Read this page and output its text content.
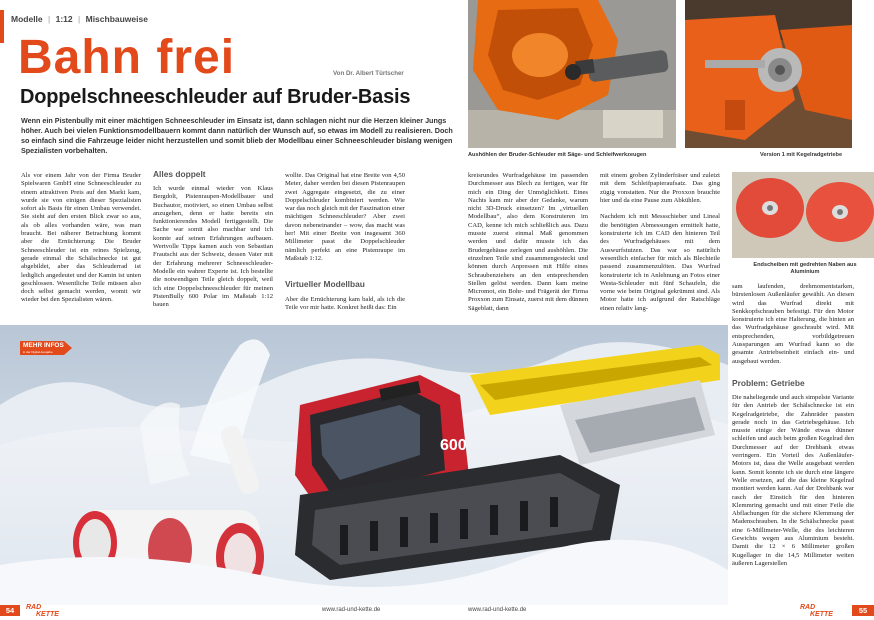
Modelle | 1:12 | Mischbauweise
Bahn frei	Von Dr. Albert Türtscher
Doppelschneeschleuder auf Bruder-Basis
Wenn ein Pistenbully mit einer mächtigen Schneeschleuder im Einsatz ist, dann schlagen nicht nur die Herzen kleiner Jungs höher. Auch bei vielen Funktionsmodellbauern kommt dann natürlich der Wunsch auf, so etwas im Modell zu realisieren. Doch so einfach sind die Fahrzeuge leider nicht herzustellen und somit blieb der Modellbau einer Schneeschleuder bislang wenigen Spezialisten vorbehalten.
Als vor einem Jahr von der Firma Bruder Spielwaren GmbH eine Schneeschleuder zu einem attraktiven Preis auf den Markt kam, wurde sie von einigen dieser Spezialisten sofort als Basis für einen Umbau verwendet. Sie sieht auf den ersten Blick zwar so aus, als ob alles vorhanden wäre, was man braucht. Bei näherer Betrachtung kommt aber die Ernüchterung: Die Bruder Schneeschleuder ist ein reines Spielzeug, gerade einmal die Schälschnecke ist gut abgebildet, aber das Schleuderrad ist lediglich angedeutet und der Kamin ist unten geschlossen. Wesentliche Teile müssen also doch selbst gemacht werden, womit wir wieder bei den Spezialisten wären.
Alles doppelt
Ich wurde einmal wieder von Klaus Bergdolt, Pistenraupen-Modellbauer und Buchautor, motiviert, so einen Umbau selbst anzugehen, denn er hatte bereits ein funktionierendes Modell fertiggestellt. Die Sache war somit also machbar und ich konnte auf seinen Erfahrungen aufbauen. Wertvolle Tipps kamen auch von Sebastian Frautschi aus der Schweiz, dessen Vater mit der Erfahrung mehrerer Schneeschleuder-Modelle ein wahrer Experte ist. Ich bestellte die notwendigen Teile gleich doppelt, weil ich eine Doppelschneeschleuder für meinen PistenBully 600 Polar im Maßstab 1:12 bauen
wollte. Das Original hat eine Breite von 4,50 Meter, daher werden bei diesen Pistenraupen zwei Aggregate eingesetzt, die zu einer Doppelschleuder kombiniert werden. Wie war das noch gleich mit der Faszination einer mächtigen Schneeschleuder? Aber zwei davon nebeneinander – wow, das macht was her! Mit einer Breite von insgesamt 360 Millimeter passt die Doppelschleuder nämlich perfekt an eine Pistenraupe im Maßstab 1:12.
Virtueller Modellbau
Aber die Ernüchterung kam bald, als ich die Teile vor mir hatte. Konkret heißt das: Ein
Aushöhlen der Bruder-Schleuder mit Säge- und Schleifwerkzeugen	Version 1 mit Kegelradgetriebe
kreisrundes Wurfradgehäuse im passenden Durchmesser aus Blech zu fertigen, war für mich ein Ding der Unmöglichkeit. Eines Nachts kam mir aber der Gedanke, warum nicht 3D-Druck einsetzen? Im „virtuellen Modellbau“, also dem Konstruieren im CAD, kenne ich mich schließlich aus. Dazu musste zuerst einmal Maß genommen werden und dafür musste ich das Brudergehäuse zerlegen und aushöhlen. Die einzelnen Teile sind zusammengesteckt und können durch Anpressen mit Hilfe eines Schraubenziehers an den entsprechenden Stellen gelöst werden. Dann kam meine Micromot, ein Bohr- und Frägerät der Firma Proxxon zum Einsatz, zuerst mit dem dünnen Sägeblatt, dann
mit einem groben Zylinderfräser und zuletzt mit dem Schleifpapieraufsatz. Das ging zügig vonstatten. Nur die Proxxon brauchte hier und da eine Pause zum Abkühlen.

Nachdem ich mit Messschieber und Lineal die benötigten Abmessungen ermittelt hatte, konstruierte ich im CAD den hinteren Teil des Wurfradgehäuses mit dem Auswurfstutzen. Das war so natürlich wesentlich einfacher für mich als Blechteile passend zusammenzulöten. Das Wurfrad konstruierte ich in Anlehnung an Fotos einer Westa-Schleuder mit fünf Schaufeln, die vorne wie beim Original gekrümmt sind. Als Motor hatte ich aufgrund der Ratschläge einen relativ lang-
Endscheiben mit gedrehten Naben aus Aluminium
sam laufenden, drehmomentstarken, bürstenlosen Außenläufer gewählt. An diesen wird das Wurfrad direkt mit Senkkopfschrauben befestigt. Für den Motor konstruierte ich eine Halterung, die hinten an das Wurfradgehäuse geschraubt wird. Mit entsprechenden, vorbildgetreuen Aussparungen am Wurfrad kann so die gesamte Antriebseinheit einfach ein- und ausgebaut werden.
Problem: Getriebe
Die naheliegende und auch simpelste Variante für den Antrieb der Schälschnecke ist ein Kegelradgetriebe, die Zahnräder passten gerade noch in das Getriebegehäuse. Ich musste einige der Wände etwas dünner schleifen und auch beim großen Kegelrad den Durchmesser auf der Drehbank etwas verringern. Ein Vorteil des Außenläufer-Motors ist, dass die Welle ausgebaut werden kann. Somit konnte ich sie durch eine längere Welle ersetzen, auf die das kleine Kegelrad montiert werden kann. Auf der Drehbank war rasch der Einstich für den hinteren Klemmring gemacht und mit einer Feile die Abflachungen für die sichere Klemmung der Madenschrauben. In die Schälschnecke passt eine 6-Millimeter-Welle, die des leichteren Gewichts wegen aus Aluminium besteht. Damit die 12 × 6 Millimeter großen Kugellager in die 14,5 Millimeter weiten äußeren Lagerstellen
600
MEHR INFOS
in der Digital-Ausgabe
54	RAD
KETTE
www.rad-und-kette.de	www.rad-und-kette.de	RAD
KETTE	55
